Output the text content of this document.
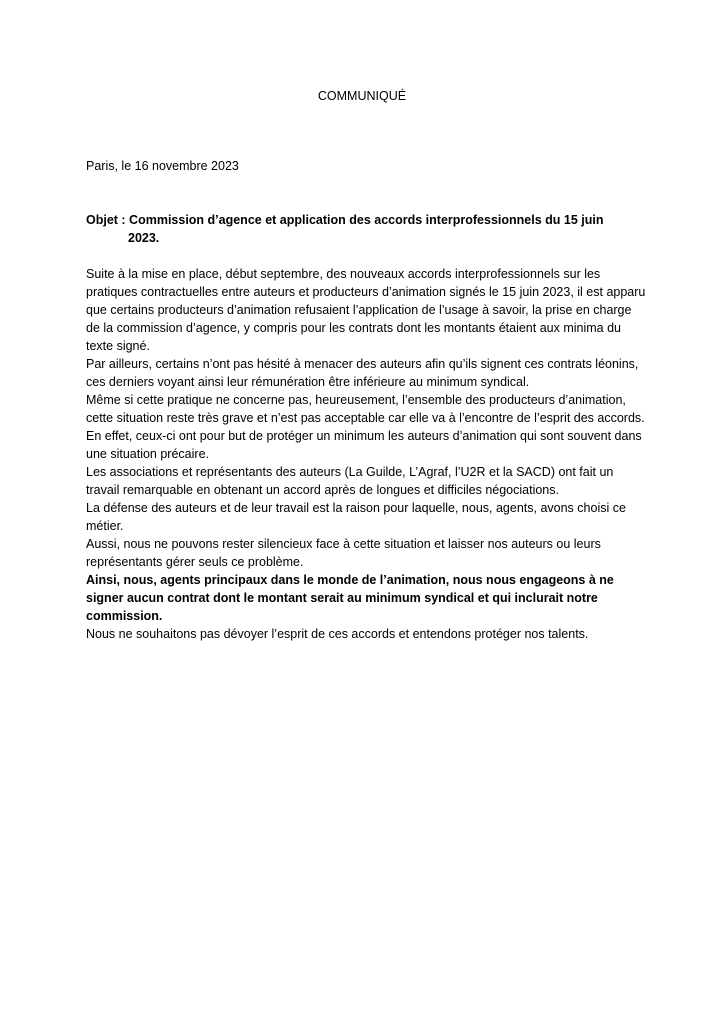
COMMUNIQUÉ
Paris, le 16 novembre 2023
Objet : Commission d’agence et application des accords interprofessionnels du 15 juin
2023.

Suite à la mise en place, début septembre, des nouveaux accords interprofessionnels sur les pratiques contractuelles entre auteurs et producteurs d’animation signés le 15 juin 2023, il est apparu que certains producteurs d’animation refusaient l’application de l’usage à savoir, la prise en charge de la commission d’agence, y compris pour les contrats dont les montants étaient aux minima du texte signé.

Par ailleurs, certains n’ont pas hésité à menacer des auteurs afin qu’ils signent ces contrats léonins, ces derniers voyant ainsi leur rémunération être inférieure au minimum syndical.

Même si cette pratique ne concerne pas, heureusement, l’ensemble des producteurs d’animation, cette situation reste très grave et n’est pas acceptable car elle va à l’encontre de l’esprit des accords.

En effet, ceux-ci ont pour but de protéger un minimum les auteurs d’animation qui sont souvent dans une situation précaire.

Les associations et représentants des auteurs (La Guilde, L’Agraf, l’U2R et la SACD) ont fait un travail remarquable en obtenant un accord après de longues et difficiles négociations.

La défense des auteurs et de leur travail est la raison pour laquelle, nous, agents, avons choisi ce métier.

Aussi, nous ne pouvons rester silencieux face à cette situation et laisser nos auteurs ou leurs représentants gérer seuls ce problème.

Ainsi, nous, agents principaux dans le monde de l’animation, nous nous engageons à ne signer aucun contrat dont le montant serait au minimum syndical et qui inclurait notre commission.

Nous ne souhaitons pas dévoyer l’esprit de ces accords et entendons protéger nos talents.
